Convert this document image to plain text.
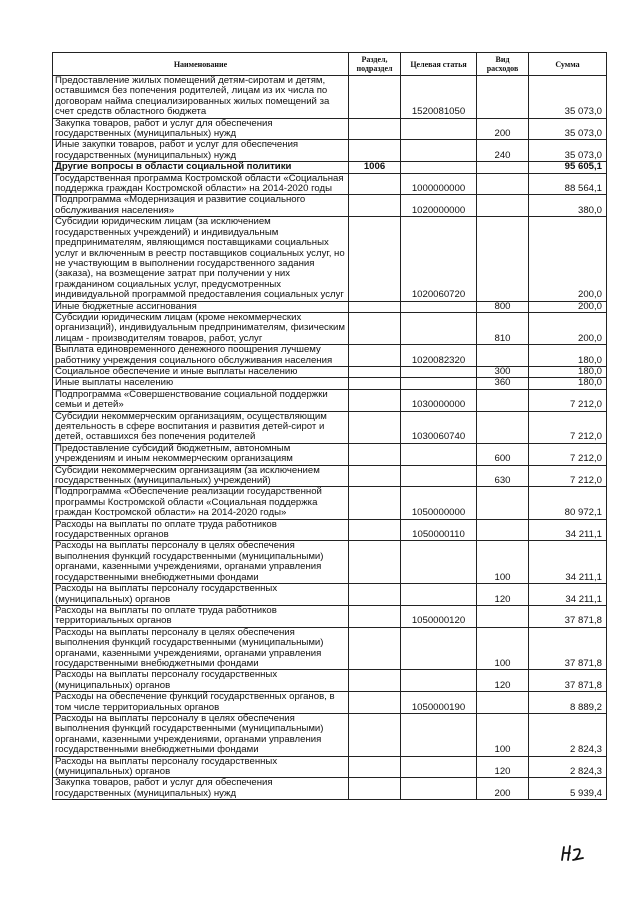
Наименование	Раздел, подраздел	Целевая статья	Вид расходов	Сумма
Предоставление жилых помещений детям-сиротам и детям, оставшимся без попечения родителей, лицам из их числа по договорам найма специализированных жилых помещений за счет средств областного бюджета		1520081050		35 073,0
Закупка товаров, работ и услуг для обеспечения государственных (муниципальных) нужд			200	35 073,0
Иные закупки товаров, работ и услуг для обеспечения государственных (муниципальных) нужд			240	35 073,0
Другие вопросы в области социальной политики	1006			95 605,1
Государственная программа Костромской области «Социальная поддержка граждан Костромской области» на 2014-2020 годы		1000000000		88 564,1
Подпрограмма «Модернизация и развитие социального обслуживания населения»		1020000000		380,0
Субсидии юридическим лицам (за исключением государственных учреждений) и индивидуальным предпринимателям, являющимся поставщиками социальных услуг и включенным в реестр поставщиков социальных услуг, но не участвующим в выполнении государственного задания (заказа), на возмещение затрат при получении у них гражданином социальных услуг, предусмотренных индивидуальной программой предоставления социальных услуг		1020060720		200,0
Иные бюджетные ассигнования			800	200,0
Субсидии юридическим лицам (кроме некоммерческих организаций), индивидуальным предпринимателям, физическим лицам - производителям товаров, работ, услуг			810	200,0
Выплата единовременного денежного поощрения лучшему работнику учреждения социального обслуживания населения		1020082320		180,0
Социальное обеспечение и иные выплаты населению			300	180,0
Иные выплаты населению			360	180,0
Подпрограмма «Совершенствование социальной поддержки семьи и детей»		1030000000		7 212,0
Субсидии некоммерческим организациям, осуществляющим деятельность в сфере воспитания и развития детей-сирот и детей, оставшихся без попечения родителей		1030060740		7 212,0
Предоставление субсидий бюджетным, автономным учреждениям и иным некоммерческим организациям			600	7 212,0
Субсидии некоммерческим организациям (за исключением государственных (муниципальных) учреждений)			630	7 212,0
Подпрограмма «Обеспечение реализации государственной программы Костромской области «Социальная поддержка граждан Костромской области» на 2014-2020 годы»		1050000000		80 972,1
Расходы на выплаты по оплате труда работников государственных органов		1050000110		34 211,1
Расходы на выплаты персоналу в целях обеспечения выполнения функций государственными (муниципальными) органами, казенными учреждениями, органами управления государственными внебюджетными фондами			100	34 211,1
Расходы на выплаты персоналу государственных (муниципальных) органов			120	34 211,1
Расходы на выплаты по оплате труда работников территориальных органов		1050000120		37 871,8
Расходы на выплаты персоналу в целях обеспечения выполнения функций государственными (муниципальными) органами, казенными учреждениями, органами управления государственными внебюджетными фондами			100	37 871,8
Расходы на выплаты персоналу государственных (муниципальных) органов			120	37 871,8
Расходы на обеспечение функций государственных органов, в том числе территориальных органов		1050000190		8 889,2
Расходы на выплаты персоналу в целях обеспечения выполнения функций государственными (муниципальными) органами, казенными учреждениями, органами управления государственными внебюджетными фондами			100	2 824,3
Расходы на выплаты персоналу государственных (муниципальных) органов			120	2 824,3
Закупка товаров, работ и услуг для обеспечения государственных (муниципальных) нужд			200	5 939,4
